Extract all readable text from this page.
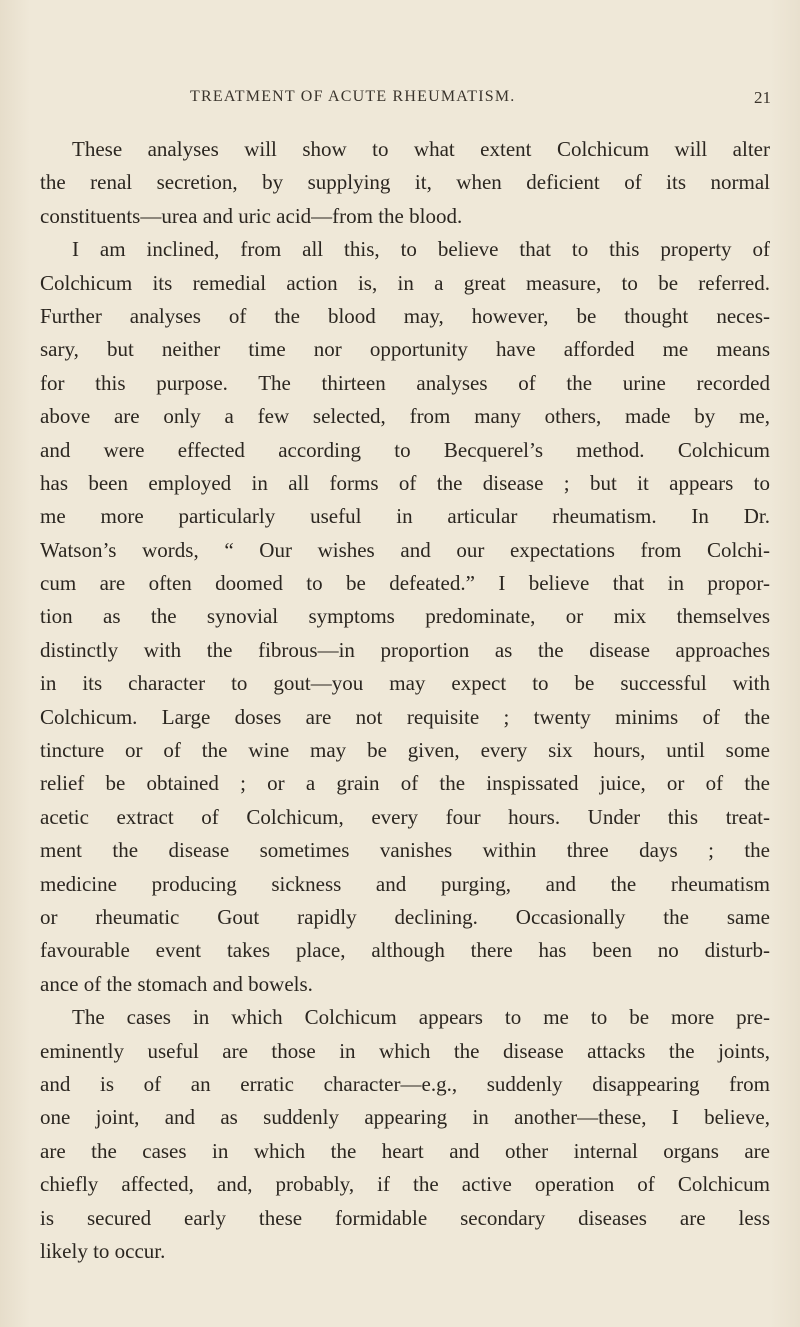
TREATMENT OF ACUTE RHEUMATISM.	21
These analyses will show to what extent Colchicum will alter
the renal secretion, by supplying it, when deficient of its normal
constituents—urea and uric acid—from the blood.
I am inclined, from all this, to believe that to this property of
Colchicum its remedial action is, in a great measure, to be referred.
Further analyses of the blood may, however, be thought neces-
sary, but neither time nor opportunity have afforded me means
for this purpose. The thirteen analyses of the urine recorded
above are only a few selected, from many others, made by me,
and were effected according to Becquerel’s method. Colchicum
has been employed in all forms of the disease ; but it appears to
me more particularly useful in articular rheumatism. In Dr.
Watson’s words, “ Our wishes and our expectations from Colchi-
cum are often doomed to be defeated.” I believe that in propor-
tion as the synovial symptoms predominate, or mix themselves
distinctly with the fibrous—in proportion as the disease approaches
in its character to gout—you may expect to be successful with
Colchicum. Large doses are not requisite ; twenty minims of the
tincture or of the wine may be given, every six hours, until some
relief be obtained ; or a grain of the inspissated juice, or of the
acetic extract of Colchicum, every four hours. Under this treat-
ment the disease sometimes vanishes within three days ; the
medicine producing sickness and purging, and the rheumatism
or rheumatic Gout rapidly declining. Occasionally the same
favourable event takes place, although there has been no disturb-
ance of the stomach and bowels.
The cases in which Colchicum appears to me to be more pre-
eminently useful are those in which the disease attacks the joints,
and is of an erratic character—e.g., suddenly disappearing from
one joint, and as suddenly appearing in another—these, I believe,
are the cases in which the heart and other internal organs are
chiefly affected, and, probably, if the active operation of Colchicum
is secured early these formidable secondary diseases are less
likely to occur.
